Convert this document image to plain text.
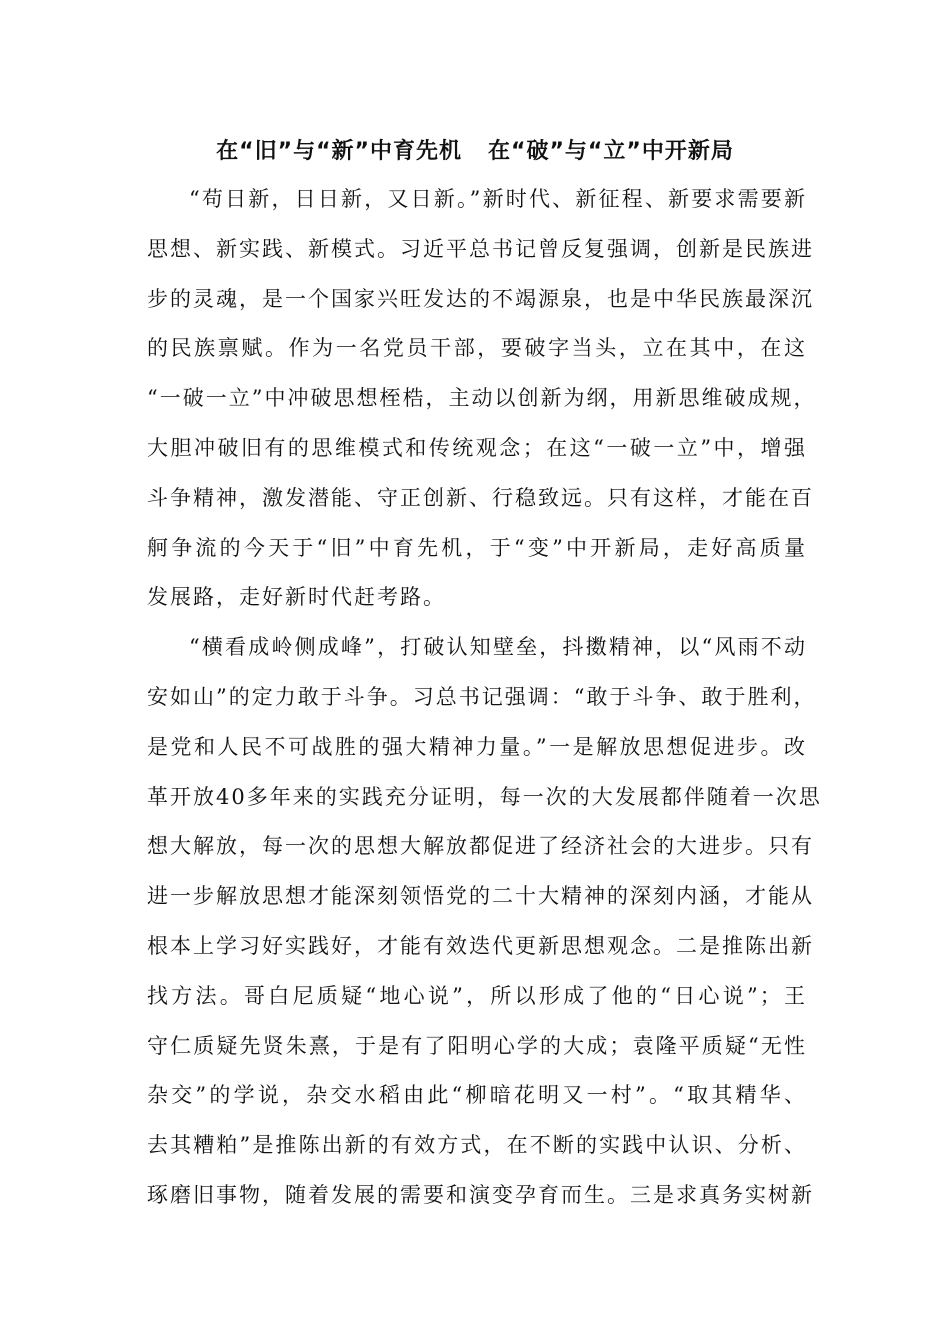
在“旧”与“新”中育先机   在“破”与“立”中开新局
“苟日新，日日新，又日新。”新时代、新征程、新要求需要新
思想、新实践、新模式。习近平总书记曾反复强调，创新是民族进
步的灵魂，是一个国家兴旺发达的不竭源泉，也是中华民族最深沉
的民族禀赋。作为一名党员干部，要破字当头，立在其中，在这
“一破一立”中冲破思想桎梏，主动以创新为纲，用新思维破成规，
大胆冲破旧有的思维模式和传统观念；在这“一破一立”中，增强
斗争精神，激发潜能、守正创新、行稳致远。只有这样，才能在百
舸争流的今天于“旧”中育先机，于“变”中开新局，走好高质量
发展路，走好新时代赶考路。
“横看成岭侧成峰”，打破认知壁垒，抖擞精神，以“风雨不动
安如山”的定力敢于斗争。习总书记强调：“敢于斗争、敢于胜利，
是党和人民不可战胜的强大精神力量。”一是解放思想促进步。改
革开放40多年来的实践充分证明，每一次的大发展都伴随着一次思
想大解放，每一次的思想大解放都促进了经济社会的大进步。只有
进一步解放思想才能深刻领悟党的二十大精神的深刻内涵，才能从
根本上学习好实践好，才能有效迭代更新思想观念。二是推陈出新
找方法。哥白尼质疑“地心说”，所以形成了他的“日心说”；王
守仁质疑先贤朱熹，于是有了阳明心学的大成；袁隆平质疑“无性
杂交”的学说，杂交水稻由此“柳暗花明又一村”。“取其精华、
去其糟粕”是推陈出新的有效方式，在不断的实践中认识、分析、
琢磨旧事物，随着发展的需要和演变孕育而生。三是求真务实树新
